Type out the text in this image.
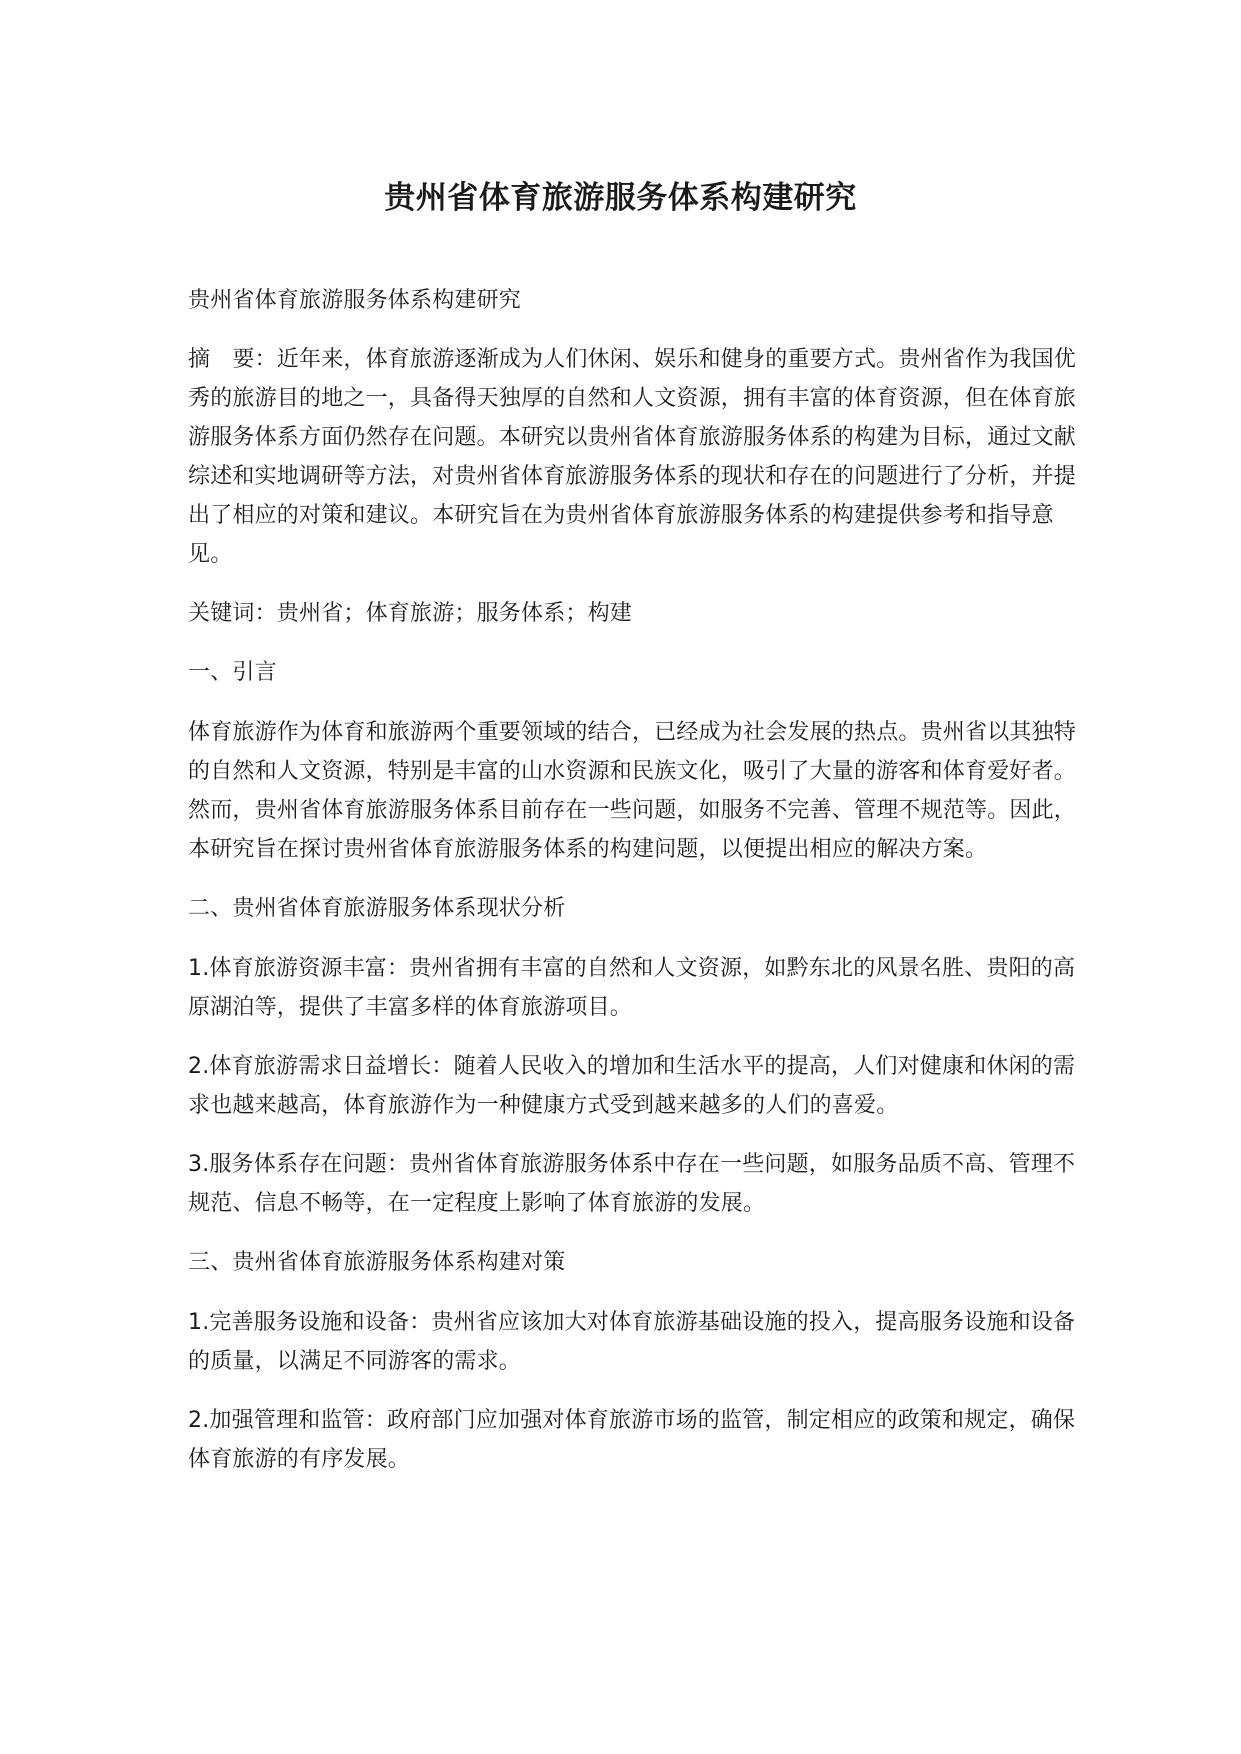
贵州省体育旅游服务体系构建研究

贵州省体育旅游服务体系构建研究

摘　要：近年来，体育旅游逐渐成为人们休闲、娱乐和健身的重要方式。贵州省作为我国优秀的旅游目的地之一，具备得天独厚的自然和人文资源，拥有丰富的体育资源，但在体育旅游服务体系方面仍然存在问题。本研究以贵州省体育旅游服务体系的构建为目标，通过文献综述和实地调研等方法，对贵州省体育旅游服务体系的现状和存在的问题进行了分析，并提出了相应的对策和建议。本研究旨在为贵州省体育旅游服务体系的构建提供参考和指导意见。

关键词：贵州省；体育旅游；服务体系；构建

一、引言

体育旅游作为体育和旅游两个重要领域的结合，已经成为社会发展的热点。贵州省以其独特的自然和人文资源，特别是丰富的山水资源和民族文化，吸引了大量的游客和体育爱好者。然而，贵州省体育旅游服务体系目前存在一些问题，如服务不完善、管理不规范等。因此，本研究旨在探讨贵州省体育旅游服务体系的构建问题，以便提出相应的解决方案。

二、贵州省体育旅游服务体系现状分析

1.体育旅游资源丰富：贵州省拥有丰富的自然和人文资源，如黔东北的风景名胜、贵阳的高原湖泊等，提供了丰富多样的体育旅游项目。

2.体育旅游需求日益增长：随着人民收入的增加和生活水平的提高，人们对健康和休闲的需求也越来越高，体育旅游作为一种健康方式受到越来越多的人们的喜爱。

3.服务体系存在问题：贵州省体育旅游服务体系中存在一些问题，如服务品质不高、管理不规范、信息不畅等，在一定程度上影响了体育旅游的发展。

三、贵州省体育旅游服务体系构建对策

1.完善服务设施和设备：贵州省应该加大对体育旅游基础设施的投入，提高服务设施和设备的质量，以满足不同游客的需求。

2.加强管理和监管：政府部门应加强对体育旅游市场的监管，制定相应的政策和规定，确保体育旅游的有序发展。
